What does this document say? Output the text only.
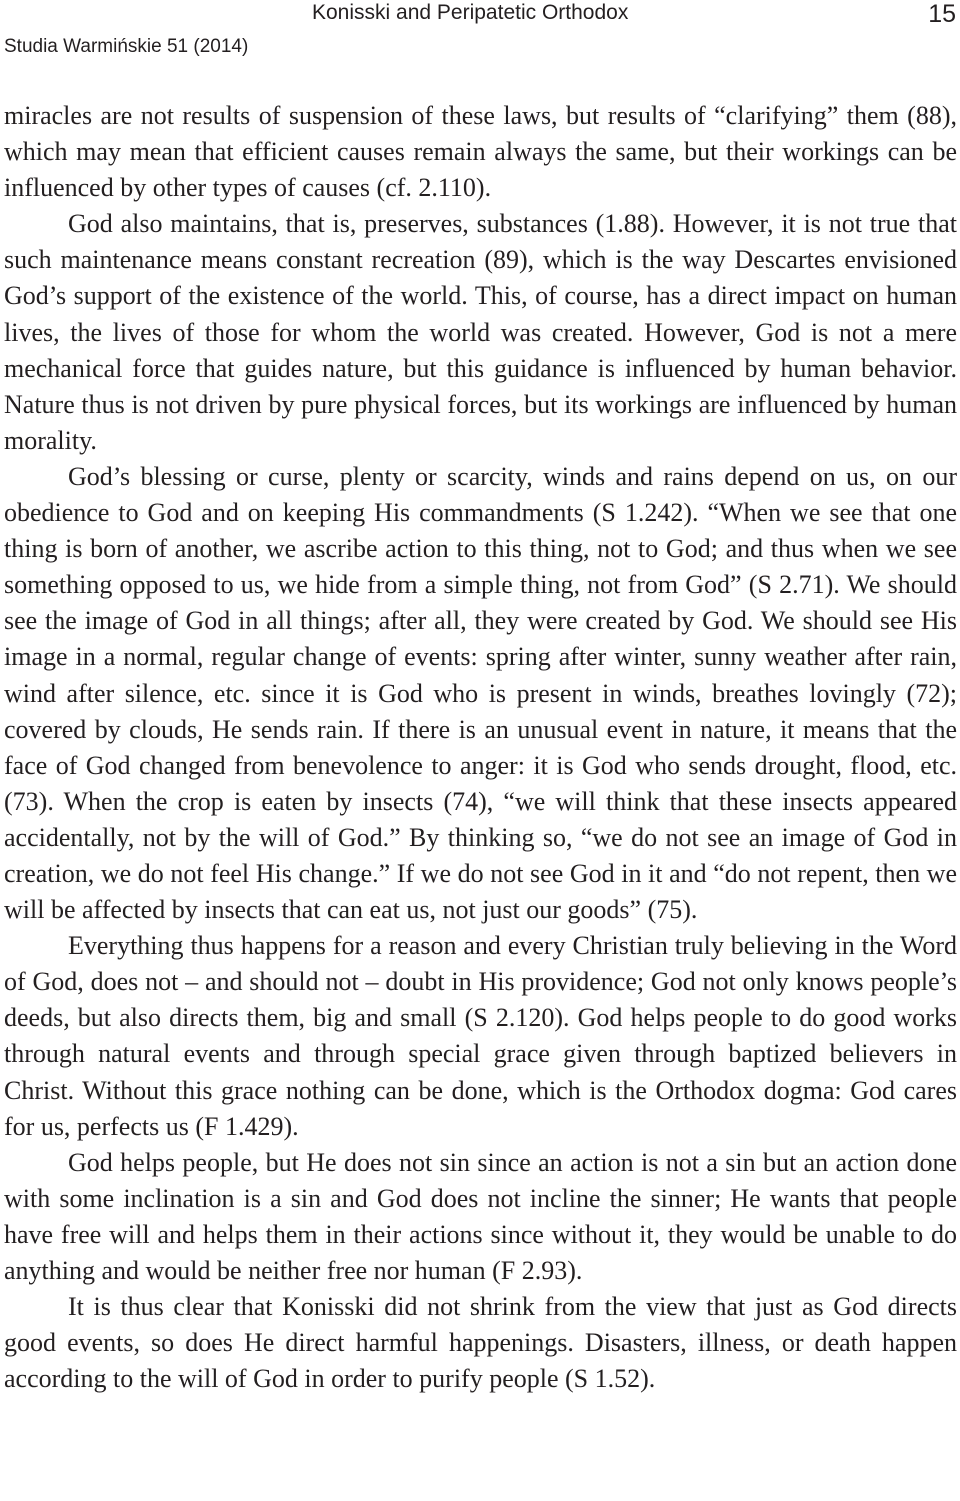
Konisski and Peripatetic Orthodox	15
Studia Warmińskie 51 (2014)

miracles are not results of suspension of these laws, but results of “clarifying” them (88), which may mean that efficient causes remain always the same, but their workings can be influenced by other types of causes (cf. 2.110).

God also maintains, that is, preserves, substances (1.88). However, it is not true that such maintenance means constant recreation (89), which is the way Descartes envisioned God’s support of the existence of the world. This, of course, has a direct impact on human lives, the lives of those for whom the world was created. However, God is not a mere mechanical force that guides nature, but this guidance is influenced by human behavior. Nature thus is not driven by pure physical forces, but its workings are influenced by human morality.

God’s blessing or curse, plenty or scarcity, winds and rains depend on us, on our obedience to God and on keeping His commandments (S 1.242). “When we see that one thing is born of another, we ascribe action to this thing, not to God; and thus when we see something opposed to us, we hide from a simple thing, not from God” (S 2.71). We should see the image of God in all things; after all, they were created by God. We should see His image in a normal, regular change of events: spring after winter, sunny weather after rain, wind after silence, etc. since it is God who is present in winds, breathes lovingly (72); covered by clouds, He sends rain. If there is an unusual event in nature, it means that the face of God changed from benevolence to anger: it is God who sends drought, flood, etc. (73). When the crop is eaten by insects (74), “we will think that these insects appeared accidentally, not by the will of God.” By thinking so, “we do not see an image of God in creation, we do not feel His change.” If we do not see God in it and “do not repent, then we will be affected by insects that can eat us, not just our goods” (75).

Everything thus happens for a reason and every Christian truly believing in the Word of God, does not – and should not – doubt in His providence; God not only knows people’s deeds, but also directs them, big and small (S 2.120). God helps people to do good works through natural events and through special grace given through baptized believers in Christ. Without this grace nothing can be done, which is the Orthodox dogma: God cares for us, perfects us (F 1.429).

God helps people, but He does not sin since an action is not a sin but an action done with some inclination is a sin and God does not incline the sinner; He wants that people have free will and helps them in their actions since without it, they would be unable to do anything and would be neither free nor human (F 2.93).

It is thus clear that Konisski did not shrink from the view that just as God directs good events, so does He direct harmful happenings. Disasters, illness, or death happen according to the will of God in order to purify people (S 1.52).
